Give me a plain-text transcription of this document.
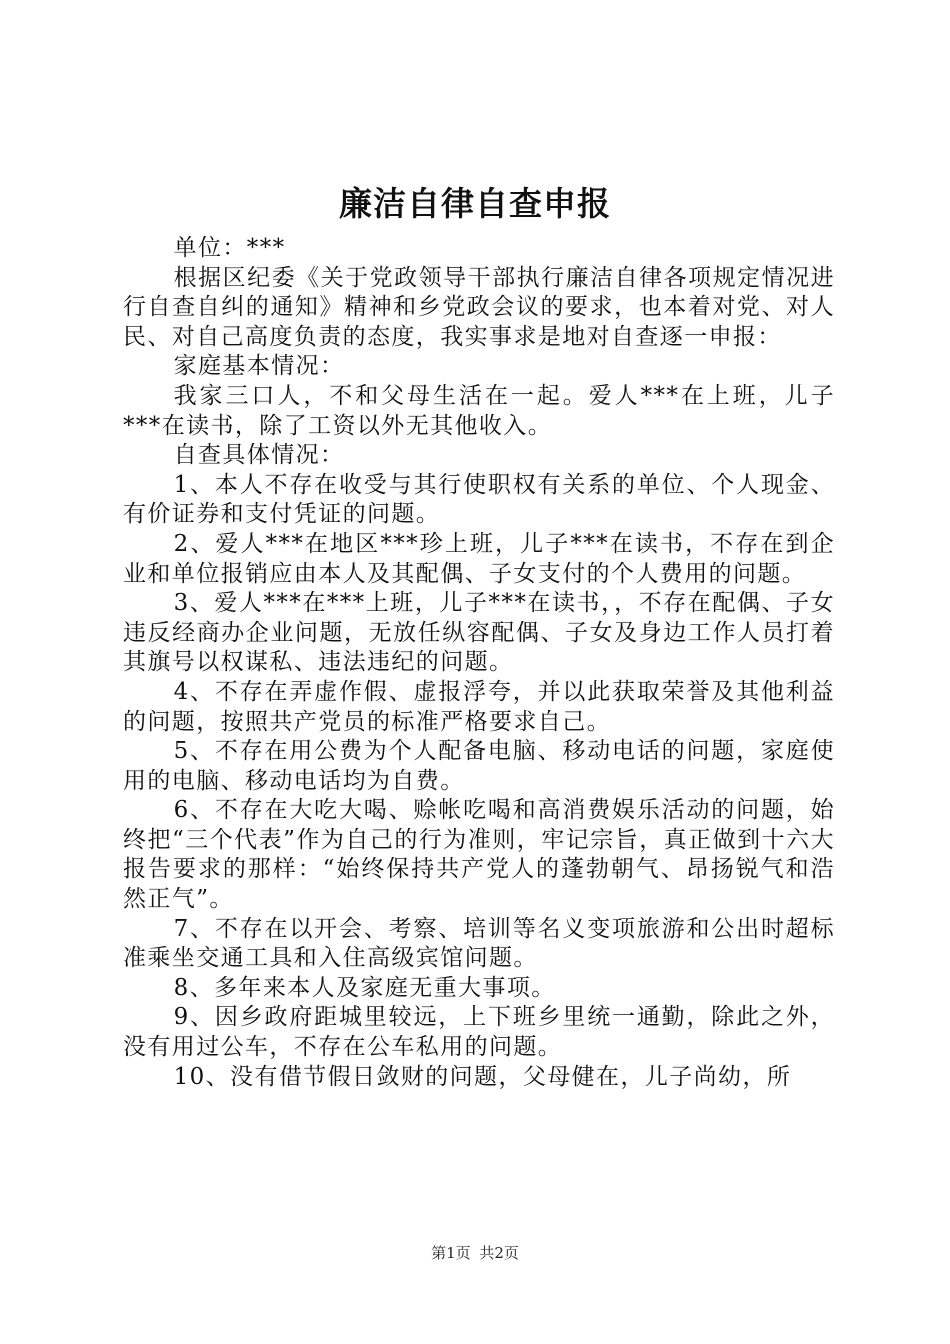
廉洁自律自查申报

单位：***

根据区纪委《关于党政领导干部执行廉洁自律各项规定情况进行自查自纠的通知》精神和乡党政会议的要求，也本着对党、对人民、对自己高度负责的态度，我实事求是地对自查逐一申报：

家庭基本情况：

我家三口人，不和父母生活在一起。爱人***在上班，儿子***在读书，除了工资以外无其他收入。

自查具体情况：

1、本人不存在收受与其行使职权有关系的单位、个人现金、有价证券和支付凭证的问题。

2、爱人***在地区***珍上班，儿子***在读书，不存在到企业和单位报销应由本人及其配偶、子女支付的个人费用的问题。

3、爱人***在***上班，儿子***在读书，，不存在配偶、子女违反经商办企业问题，无放任纵容配偶、子女及身边工作人员打着其旗号以权谋私、违法违纪的问题。

4、不存在弄虚作假、虚报浮夸，并以此获取荣誉及其他利益的问题，按照共产党员的标准严格要求自己。

5、不存在用公费为个人配备电脑、移动电话的问题，家庭使用的电脑、移动电话均为自费。

6、不存在大吃大喝、赊帐吃喝和高消费娱乐活动的问题，始终把“三个代表”作为自己的行为准则，牢记宗旨，真正做到十六大报告要求的那样：“始终保持共产党人的蓬勃朝气、昂扬锐气和浩然正气”。

7、不存在以开会、考察、培训等名义变项旅游和公出时超标准乘坐交通工具和入住高级宾馆问题。

8、多年来本人及家庭无重大事项。

9、因乡政府距城里较远，上下班乡里统一通勤，除此之外，没有用过公车，不存在公车私用的问题。

10、没有借节假日敛财的问题，父母健在，儿子尚幼，所

第1页 共2页
